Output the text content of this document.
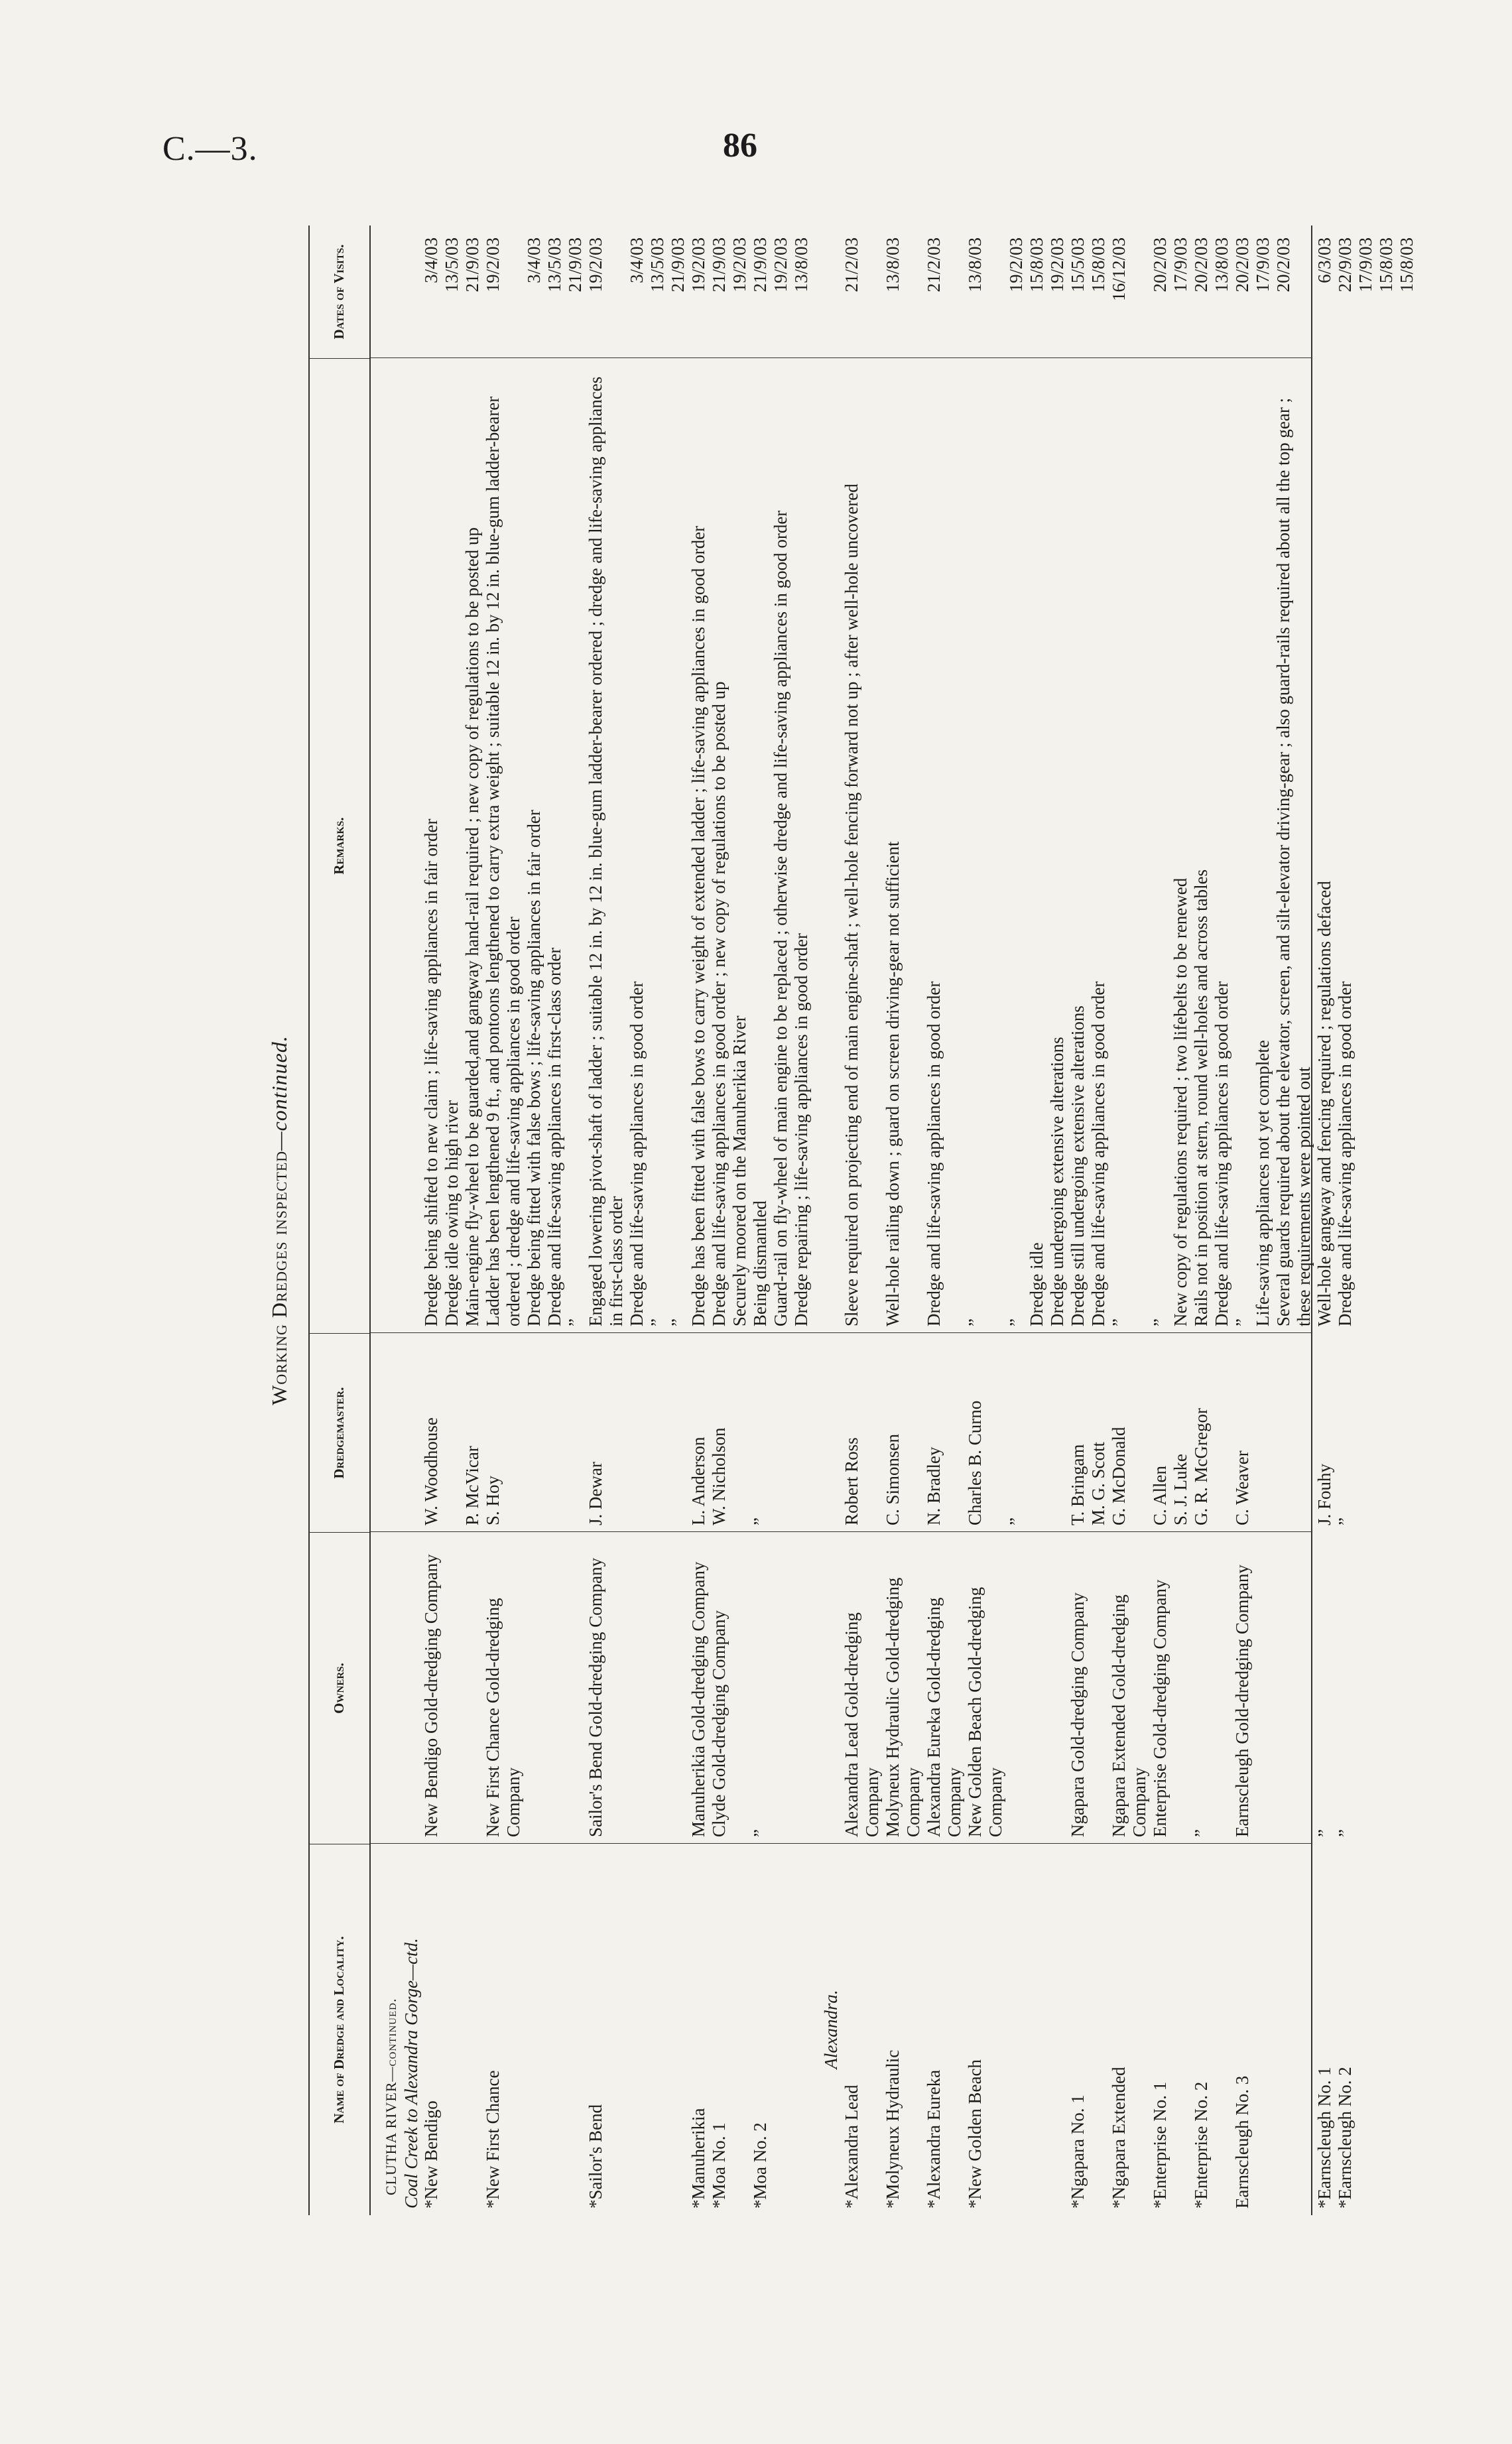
C.—3.	86
Working Dredges inspected—continued.
Name of Dredge and Locality.
Owners.
Dredgemaster.
Remarks.
Dates of Visits.
CLUTHA RIVER—continued. Coal Creek to Alexandra Gorge—ctd. *New Bendigo
New Bendigo Gold-dredging Company
W. Woodhouse
Dredge being shifted to new claim ; life-saving appliances in fair order
3/4/03
Dredge idle owing to high river
13/5/03
P. McVicar
Main-engine fly-wheel to be guarded,and gangway hand-rail required ; new copy of regulations to be posted up
21/9/03
*New First Chance
New First Chance Gold-dredging Company
S. Hoy
Ladder has been lengthened 9 ft., and pontoons lengthened to carry extra weight ; suitable 12 in. by 12 in. blue-gum ladder-bearer ordered ; dredge and life-saving appliances in good order
19/2/03
Dredge being fitted with false bows ; life-saving appliances in fair order
3/4/03
Dredge and life-saving appliances in first-class order
13/5/03
”
21/9/03
*Sailor's Bend
Sailor's Bend Gold-dredging Company
J. Dewar
Engaged lowering pivot-shaft of ladder ; suitable 12 in. by 12 in. blue-gum ladder-bearer ordered ; dredge and life-saving appliances in first-class order
19/2/03
Dredge and life-saving appliances in good order
3/4/03
”
13/5/03
”
21/9/03
*Manuherikia
Manuherikia Gold-dredging Company
L. Anderson
Dredge has been fitted with false bows to carry weight of extended ladder ; life-saving appliances in good order
19/2/03
*Moa No. 1
Clyde Gold-dredging Company
W. Nicholson
Dredge and life-saving appliances in good order ; new copy of regulations to be posted up
21/9/03
Securely moored on the Manuherikia River
19/2/03
*Moa No. 2
”
”
Being dismantled
21/9/03
Guard-rail on fly-wheel of main engine to be replaced ; otherwise dredge and life-saving appliances in good order
19/2/03
Dredge repairing ; life-saving appliances in good order
13/8/03
Alexandra.
*Alexandra Lead
Alexandra Lead Gold-dredging Company
Robert Ross
Sleeve required on projecting end of main engine-shaft ; well-hole fencing forward not up ; after well-hole uncovered
21/2/03
*Molyneux Hydraulic
Molyneux Hydraulic Gold-dredging Company
C. Simonsen
Well-hole railing down ; guard on screen driving-gear not sufficient
13/8/03
*Alexandra Eureka
Alexandra Eureka Gold-dredging Company
N. Bradley
Dredge and life-saving appliances in good order
21/2/03
*New Golden Beach
New Golden Beach Gold-dredging Company
Charles B. Curno
”
13/8/03
”
”
19/2/03
Dredge idle
15/8/03
Dredge undergoing extensive alterations
19/2/03
*Ngapara No. 1
Ngapara Gold-dredging Company
T. Bringam
Dredge still undergoing extensive alterations
15/5/03
M. G. Scott
Dredge and life-saving appliances in good order
15/8/03
*Ngapara Extended
Ngapara Extended Gold-dredging Company
G. McDonald
”
16/12/03
*Enterprise No. 1
Enterprise Gold-dredging Company
C. Allen
”
20/2/03
S. J. Luke
New copy of regulations required ; two lifebelts to be renewed
17/9/03
*Enterprise No. 2
”
G. R. McGregor
Rails not in position at stern, round well-holes and across tables
20/2/03
Dredge and life-saving appliances in good order
13/8/03
Earnscleugh No. 3
Earnscleugh Gold-dredging Company
C. Weaver
”
20/2/03
Life-saving appliances not yet complete
17/9/03
Several guards required about the elevator, screen, and silt-elevator driving-gear ; also guard-rails required about all the top gear ; these requirements were pointed out
20/2/03
*Earnscleugh No. 1
”
J. Fouhy
Well-hole gangway and fencing required ; regulations defaced
6/3/03
*Earnscleugh No. 2
”
”
Dredge and life-saving appliances in good order
22/9/03 17/9/03 15/8/03 15/8/03
